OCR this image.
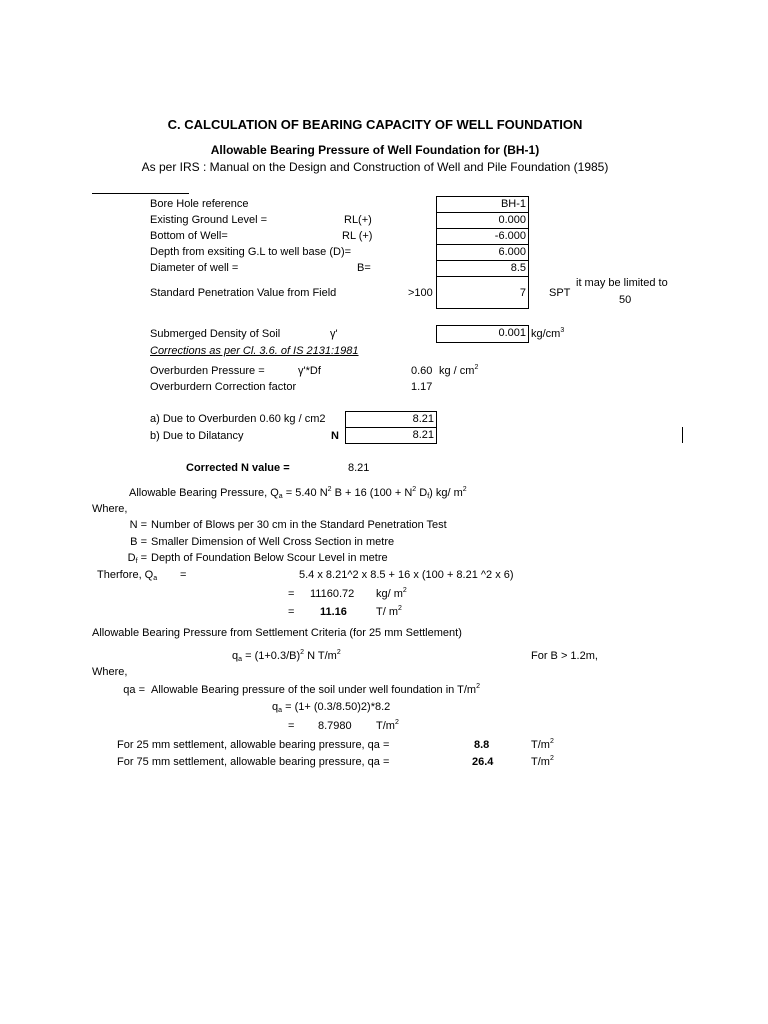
C. CALCULATION OF BEARING CAPACITY OF WELL FOUNDATION
Allowable Bearing Pressure of Well Foundation for (BH-1)
As per IRS : Manual on the Design and Construction of Well and Pile Foundation (1985)
Bore Hole reference	BH-1
Existing Ground Level =	RL(+)	0.000
Bottom of Well=	RL (+)	-6.000
Depth from exsiting G.L to well base (D)=	6.000
Diameter of well =	B=	8.5
Standard Penetration Value from Field	>100	7 SPT
it may be limited to
50
Submerged Density of Soil	γ'	0.001 $kg/cm^3$
Corrections as per Cl. 3.6. of IS 2131:1981
Overburden Pressure =	γ'*Df	0.60 kg / $cm^2$
Overburdern Correction factor	1.17
a) Due to Overburden 0.60 kg / cm2	8.21
b) Due to Dilatancy	N	8.21
Corrected N value =	8.21
Allowable Bearing Pressure, $Q_a = 5.40$ $N^2$ B + 16 ($100 + N^2$ $D_f$) kg/ $m^2$
Where,
N = Number of Blows per 30 cm in the Standard Penetration Test
B = Smaller Dimension of Well Cross Section in metre
$D_f$ = Depth of Foundation Below Scour Level in metre
Therfore, $Q_a$ =	5.4 x 8.21^2 x 8.5 + 16 x (100 + 8.21 ^2 x 6)
= 11160.72 kg/ $m^2$
= 11.16	T/ $m^2$
Allowable Bearing Pressure from Settlement Criteria (for 25 mm Settlement)
$q_a = (1+0.3/B)^2$ N $T/m^2$	For B > 1.2m,
Where,
qa = Allowable Bearing pressure of the soil under well foundation in $T/m^2$
$q_a = (1+ (0.3/8.50)2)*8.2$
= 8.7980 $T/m^2$
For 25 mm settlement, allowable bearing pressure, qa =	8.8	$T/m^2$
For 75 mm settlement, allowable bearing pressure, qa =	26.4	$T/m^2$
